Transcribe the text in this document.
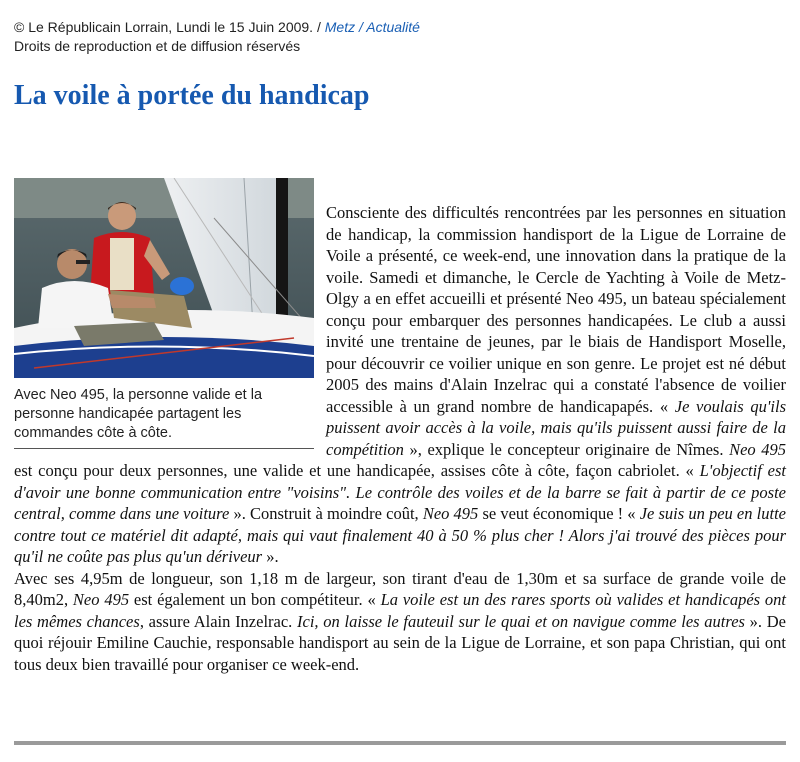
© Le Républicain Lorrain, Lundi le 15 Juin 2009. / Metz / Actualité
Droits de reproduction et de diffusion réservés
La voile à portée du handicap
Avec Neo 495, la personne valide et la personne handicapée partagent les commandes côte à côte.
Consciente des difficultés rencontrées par les personnes en situation de handicap, la commission handisport de la Ligue de Lorraine de Voile a présenté, ce week-end, une innovation dans la pratique de la voile. Samedi et dimanche, le Cercle de Yachting à Voile de Metz-Olgy a en effet accueilli et présenté Neo 495, un bateau spécialement conçu pour embarquer des personnes handicapées. Le club a aussi invité une trentaine de jeunes, par le biais de Handisport Moselle, pour découvrir ce voilier unique en son genre. Le projet est né début 2005 des mains d'Alain Inzelrac qui a constaté l'absence de voilier accessible à un grand nombre de handicapapés. « Je voulais qu'ils puissent avoir accès à la voile, mais qu'ils puissent aussi faire de la compétition », explique le concepteur originaire de Nîmes. Neo 495 est conçu pour deux personnes, une valide et une handicapée, assises côte à côte, façon cabriolet. « L'objectif est d'avoir une bonne communication entre "voisins". Le contrôle des voiles et de la barre se fait à partir de ce poste central, comme dans une voiture ». Construit à moindre coût, Neo 495 se veut économique ! « Je suis un peu en lutte contre tout ce matériel dit adapté, mais qui vaut finalement 40 à 50 % plus cher ! Alors j'ai trouvé des pièces pour qu'il ne coûte pas plus qu'un dériveur ».
Avec ses 4,95m de longueur, son 1,18 m de largeur, son tirant d'eau de 1,30m et sa surface de grande voile de 8,40m2, Neo 495 est également un bon compétiteur. « La voile est un des rares sports où valides et handicapés ont les mêmes chances, assure Alain Inzelrac. Ici, on laisse le fauteuil sur le quai et on navigue comme les autres ». De quoi réjouir Emiline Cauchie, responsable handisport au sein de la Ligue de Lorraine, et son papa Christian, qui ont tous deux bien travaillé pour organiser ce week-end.
